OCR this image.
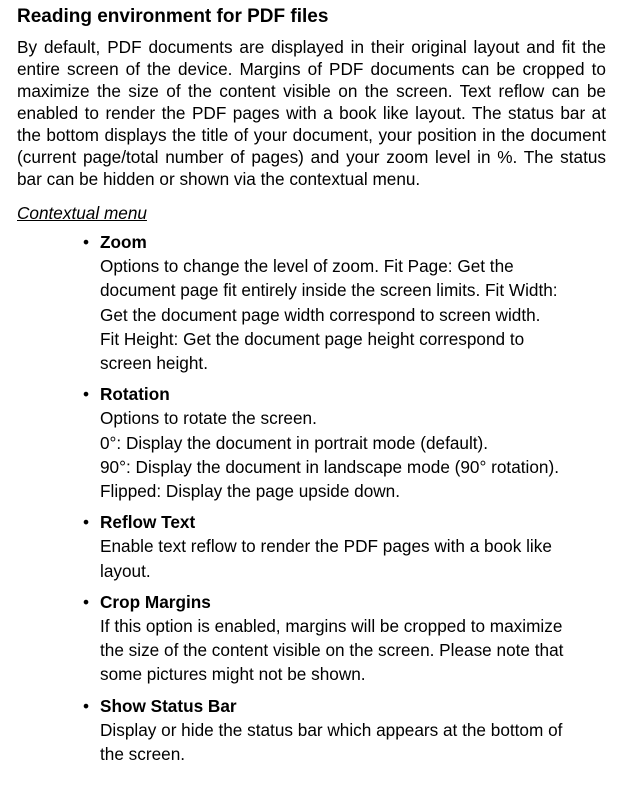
Reading environment for PDF files

By default, PDF documents are displayed in their original layout and fit the entire screen of the device. Margins of PDF documents can be cropped to maximize the size of the content visible on the screen. Text reflow can be enabled to render the PDF pages with a book like layout. The status bar at the bottom displays the title of your document, your position in the document (current page/total number of pages) and your zoom level in %. The status bar can be hidden or shown via the contextual menu.

Contextual menu
• Zoom
Options to change the level of zoom. Fit Page: Get the
document page fit entirely inside the screen limits. Fit Width:
Get the document page width correspond to screen width.
Fit Height: Get the document page height correspond to
screen height.
• Rotation
Options to rotate the screen.
0°: Display the document in portrait mode (default).
90°: Display the document in landscape mode (90° rotation).
Flipped: Display the page upside down.
• Reflow Text
Enable text reflow to render the PDF pages with a book like
layout.
• Crop Margins
If this option is enabled, margins will be cropped to maximize
the size of the content visible on the screen. Please note that
some pictures might not be shown.
• Show Status Bar
Display or hide the status bar which appears at the bottom of
the screen.
